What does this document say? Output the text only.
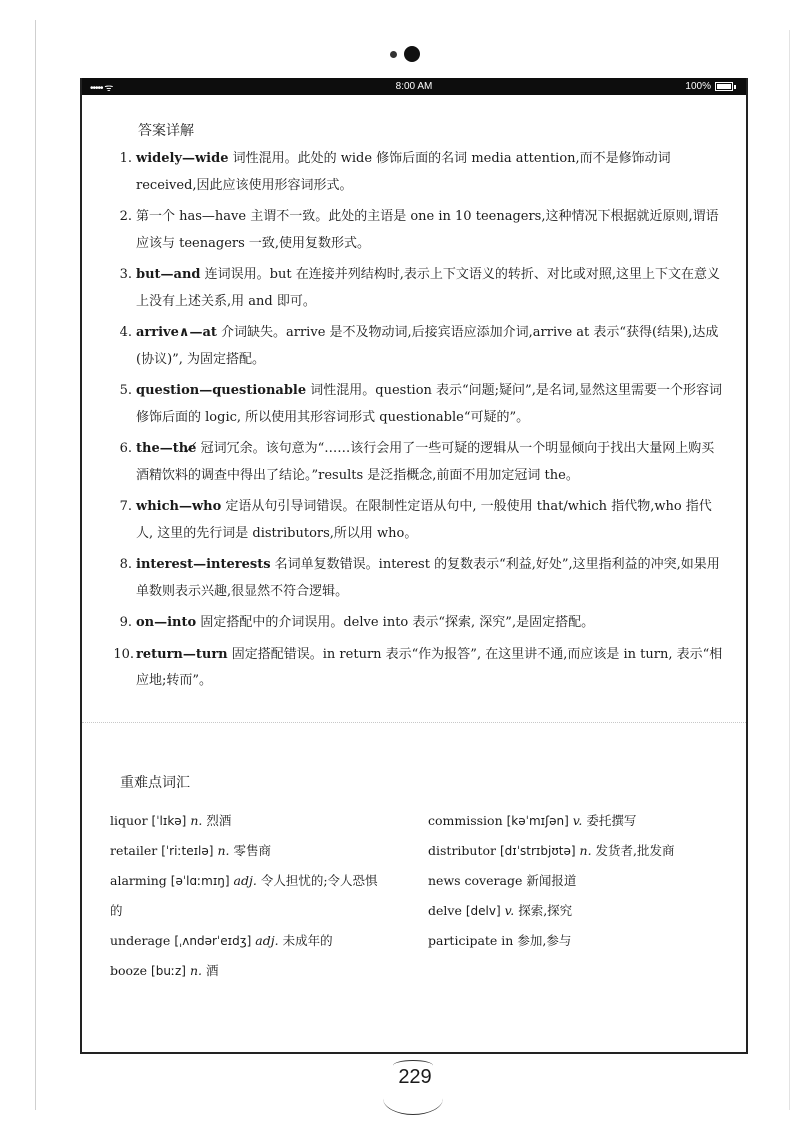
••••• ᯤ	8:00 AM	100%
答案详解
1. widely—wide 词性混用。此处的 wide 修饰后面的名词 media attention,而不是修饰动词 received,因此应该使用形容词形式。
2. 第一个 has—have 主谓不一致。此处的主语是 one in 10 teenagers,这种情况下根据就近原则,谓语应该与 teenagers 一致,使用复数形式。
3. but—and 连词误用。but 在连接并列结构时,表示上下文语义的转折、对比或对照,这里上下文在意义上没有上述关系,用 and 即可。
4. arrive∧—at 介词缺失。arrive 是不及物动词,后接宾语应添加介词,arrive at 表示“获得(结果),达成(协议)”, 为固定搭配。
5. question—questionable 词性混用。question 表示“问题;疑问”,是名词,显然这里需要一个形容词修饰后面的 logic, 所以使用其形容词形式 questionable“可疑的”。
6. the—the̸ 冠词冗余。该句意为“……该行会用了一些可疑的逻辑从一个明显倾向于找出大量网上购买酒精饮料的调查中得出了结论。”results 是泛指概念,前面不用加定冠词 the。
7. which—who 定语从句引导词错误。在限制性定语从句中, 一般使用 that/which 指代物,who 指代人, 这里的先行词是 distributors,所以用 who。
8. interest—interests 名词单复数错误。interest 的复数表示“利益,好处”,这里指利益的冲突,如果用单数则表示兴趣,很显然不符合逻辑。
9. on—into 固定搭配中的介词误用。delve into 表示“探索, 深究”,是固定搭配。
10. return—turn 固定搭配错误。in return 表示“作为报答”, 在这里讲不通,而应该是 in turn, 表示“相应地;转而”。
重难点词汇
liquor [ˈlɪkə] n. 烈酒
retailer [ˈriːteɪlə] n. 零售商
alarming [əˈlɑːmɪŋ] adj. 令人担忧的;令人恐惧的
underage [ˌʌndərˈeɪdʒ] adj. 未成年的
booze [buːz] n. 酒
commission [kəˈmɪʃən] v. 委托撰写
distributor [dɪˈstrɪbjʊtə] n. 发货者,批发商
news coverage 新闻报道
delve [delv] v. 探索,探究
participate in 参加,参与
229
